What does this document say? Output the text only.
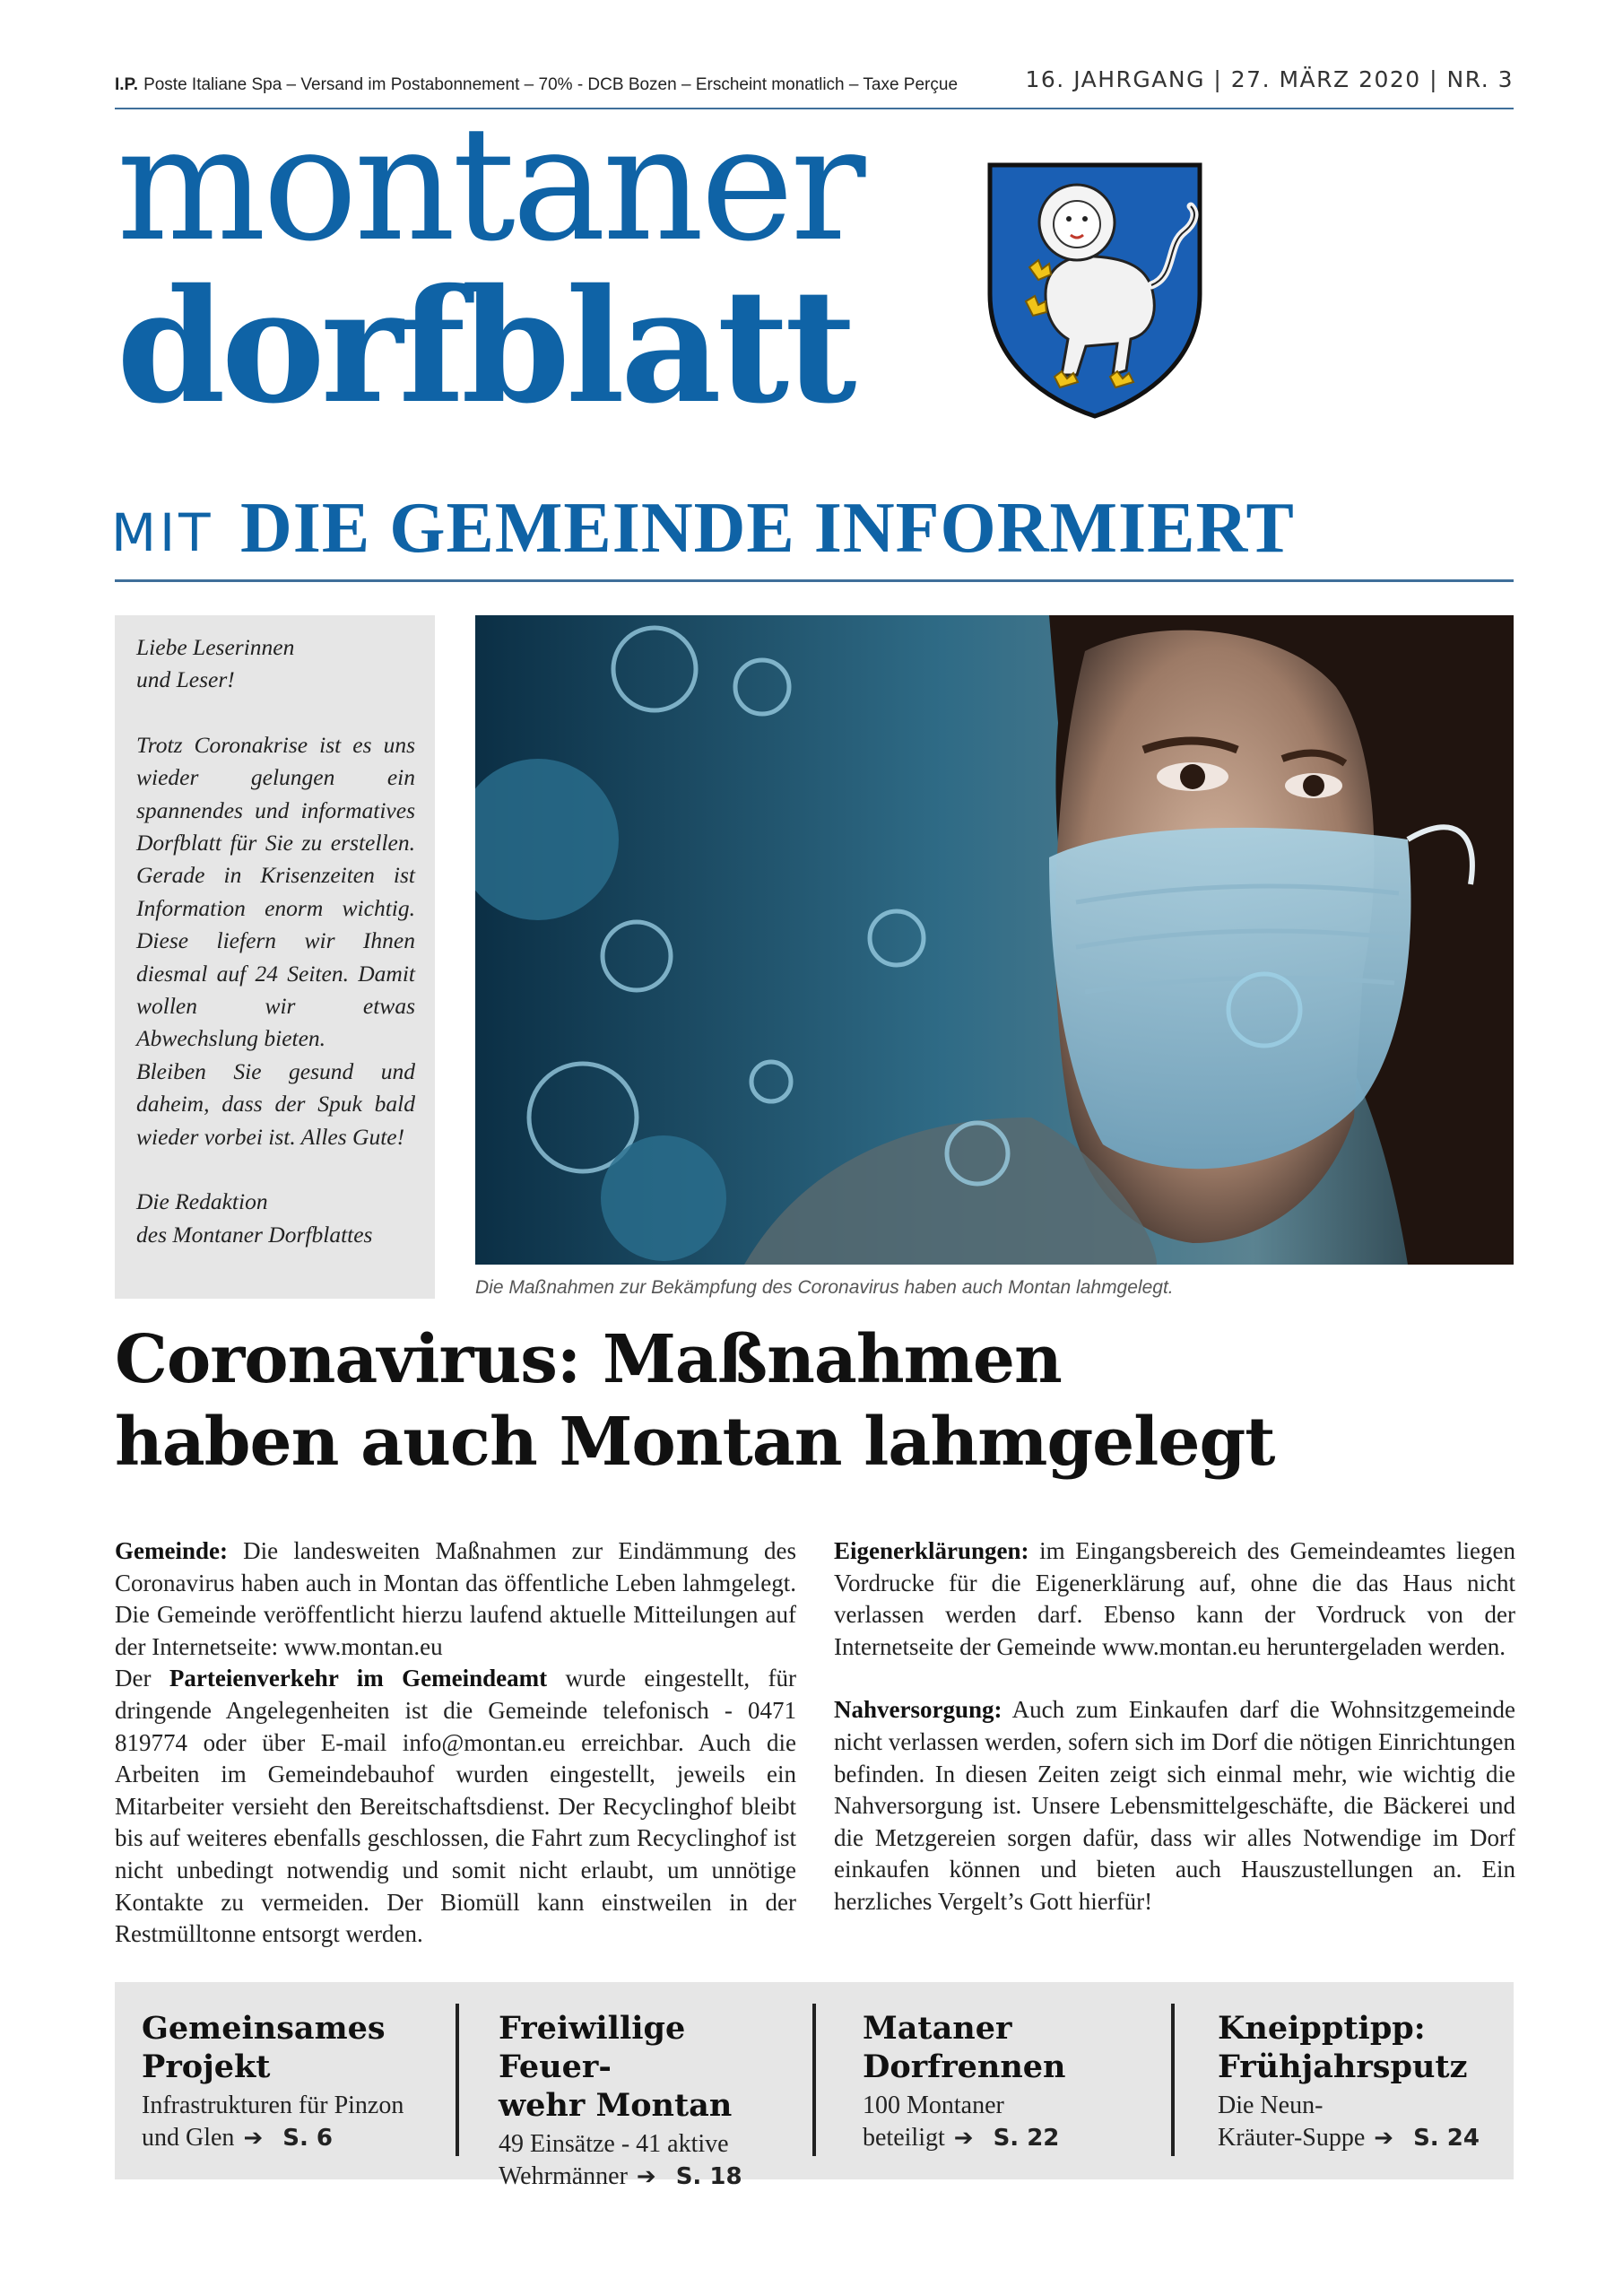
I.P. Poste Italiane Spa – Versand im Postabonnement – 70% - DCB Bozen – Erscheint monatlich – Taxe Perçue	16. JAHRGANG | 27. MÄRZ 2020 | NR. 3
montaner
dorfblatt
MIT DIE GEMEINDE INFORMIERT

Liebe Leserinnen

und Leser!

Trotz Coronakrise ist es uns wieder gelungen ein spannendes und informatives Dorfblatt für Sie zu erstellen. Gerade in Krisenzeiten ist Information enorm wichtig. Diese liefern wir Ihnen diesmal auf 24 Seiten. Damit wollen wir etwas Abwechslung bieten.

Bleiben Sie gesund und daheim, dass der Spuk bald wieder vorbei ist. Alles Gute!

Die Redaktion

des Montaner Dorfblattes

Die Maßnahmen zur Bekämpfung des Coronavirus haben auch Montan lahmgelegt.
Coronavirus: Maßnahmen
haben auch Montan lahmgelegt

Gemeinde: Die landesweiten Maßnahmen zur Eindämmung des Coronavirus haben auch in Montan das öffentliche Leben lahmgelegt. Die Gemeinde veröffentlicht hierzu laufend aktuelle Mitteilungen auf der Internetseite: www.montan.eu

Der Parteienverkehr im Gemeindeamt wurde eingestellt, für dringende Angelegenheiten ist die Gemeinde telefonisch - 0471 819774 oder über E-mail info@montan.eu erreichbar. Auch die Arbeiten im Gemeindebauhof wurden eingestellt, jeweils ein Mitarbeiter versieht den Bereitschaftsdienst. Der Recyclinghof bleibt bis auf weiteres ebenfalls geschlossen, die Fahrt zum Recyclinghof ist nicht unbedingt notwendig und somit nicht erlaubt, um unnötige Kontakte zu vermeiden. Der Biomüll kann einstweilen in der Restmülltonne entsorgt werden.

Eigenerklärungen: im Eingangsbereich des Gemeindeamtes liegen Vordrucke für die Eigenerklärung auf, ohne die das Haus nicht verlassen werden darf. Ebenso kann der Vordruck von der Internetseite der Gemeinde www.montan.eu heruntergeladen werden.

Nahversorgung: Auch zum Einkaufen darf die Wohnsitzgemeinde nicht verlassen werden, sofern sich im Dorf die nötigen Einrichtungen befinden. In diesen Zeiten zeigt sich einmal mehr, wie wichtig die Nahversorgung ist. Unsere Lebensmittelgeschäfte, die Bäckerei und die Metzgereien sorgen dafür, dass wir alles Notwendige im Dorf einkaufen können und bieten auch Hauszustellungen an. Ein herzliches Vergelt’s Gott hierfür!

Gemeinsames
Projekt
Infrastrukturen für Pinzon
und Glen ➔ S. 6
Freiwillige Feuer-
wehr Montan
49 Einsätze - 41 aktive
Wehrmänner ➔ S. 18
Mataner
Dorfrennen
100 Montaner
beteiligt ➔ S. 22
Kneipptipp:
Frühjahrsputz
Die Neun-
Kräuter-Suppe ➔ S. 24
